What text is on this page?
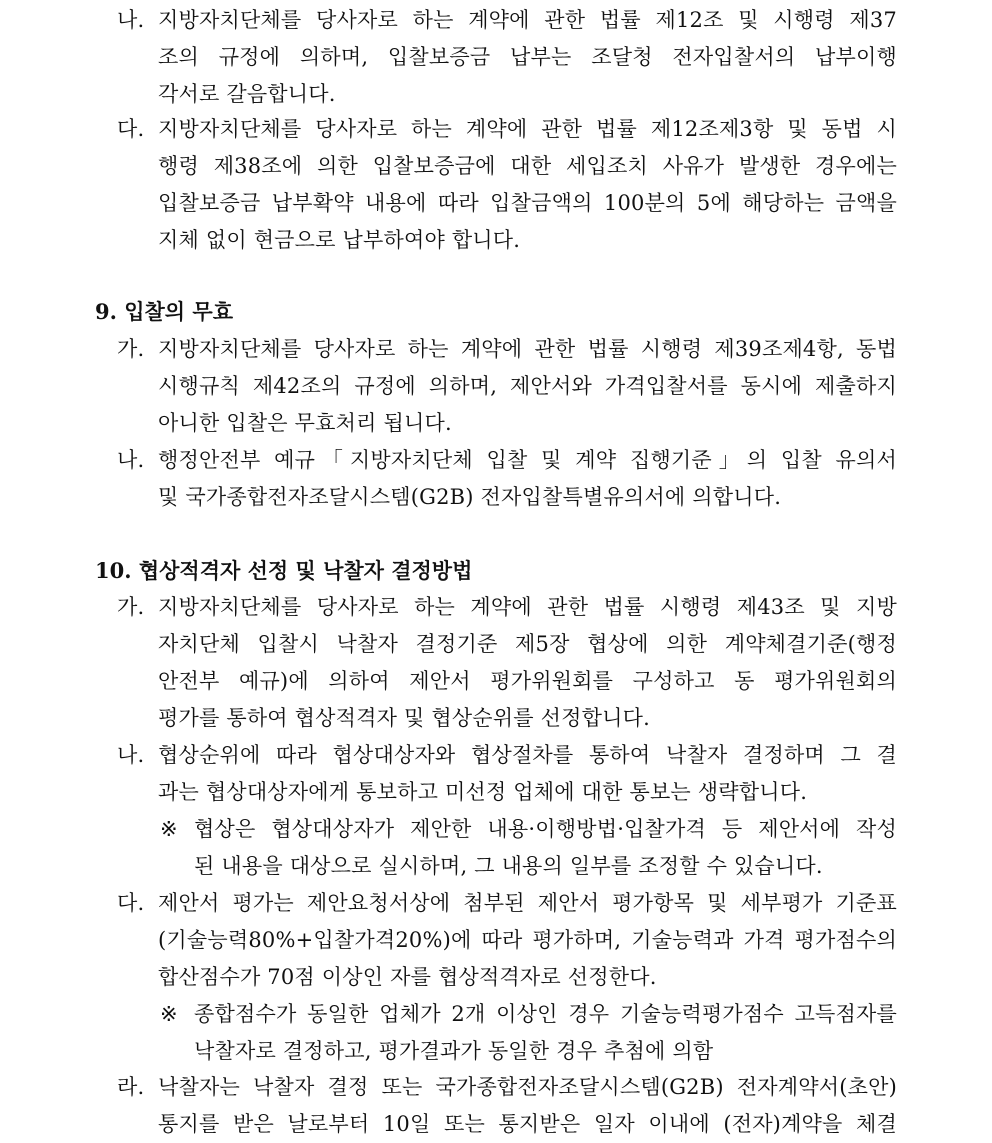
나. 지방자치단체를 당사자로 하는 계약에 관한 법률 제12조 및 시행령 제37
조의 규정에 의하며, 입찰보증금 납부는 조달청 전자입찰서의 납부이행
각서로 갈음합니다.
다. 지방자치단체를 당사자로 하는 계약에 관한 법률 제12조제3항 및 동법 시
행령 제38조에 의한 입찰보증금에 대한 세입조치 사유가 발생한 경우에는
입찰보증금 납부확약 내용에 따라 입찰금액의 100분의 5에 해당하는 금액을
지체 없이 현금으로 납부하여야 합니다.
9. 입찰의 무효
가. 지방자치단체를 당사자로 하는 계약에 관한 법률 시행령 제39조제4항, 동법
시행규칙 제42조의 규정에 의하며, 제안서와 가격입찰서를 동시에 제출하지
아니한 입찰은 무효처리 됩니다.
나. 행정안전부 예규「지방자치단체 입찰 및 계약 집행기준」의 입찰 유의서
및 국가종합전자조달시스템(G2B) 전자입찰특별유의서에 의합니다.
10. 협상적격자 선정 및 낙찰자 결정방법
가. 지방자치단체를 당사자로 하는 계약에 관한 법률 시행령 제43조 및 지방
자치단체 입찰시 낙찰자 결정기준 제5장 협상에 의한 계약체결기준(행정
안전부 예규)에 의하여 제안서 평가위원회를 구성하고 동 평가위원회의
평가를 통하여 협상적격자 및 협상순위를 선정합니다.
나. 협상순위에 따라 협상대상자와 협상절차를 통하여 낙찰자 결정하며 그 결
과는 협상대상자에게 통보하고 미선정 업체에 대한 통보는 생략합니다.
※ 협상은 협상대상자가 제안한 내용·이행방법·입찰가격 등 제안서에 작성
된 내용을 대상으로 실시하며, 그 내용의 일부를 조정할 수 있습니다.
다. 제안서 평가는 제안요청서상에 첨부된 제안서 평가항목 및 세부평가 기준표
(기술능력80%+입찰가격20%)에 따라 평가하며, 기술능력과 가격 평가점수의
합산점수가 70점 이상인 자를 협상적격자로 선정한다.
※ 종합점수가 동일한 업체가 2개 이상인 경우 기술능력평가점수 고득점자를
낙찰자로 결정하고, 평가결과가 동일한 경우 추첨에 의함
라. 낙찰자는 낙찰자 결정 또는 국가종합전자조달시스템(G2B) 전자계약서(초안)
통지를 받은 날로부터 10일 또는 통지받은 일자 이내에 (전자)계약을 체결
